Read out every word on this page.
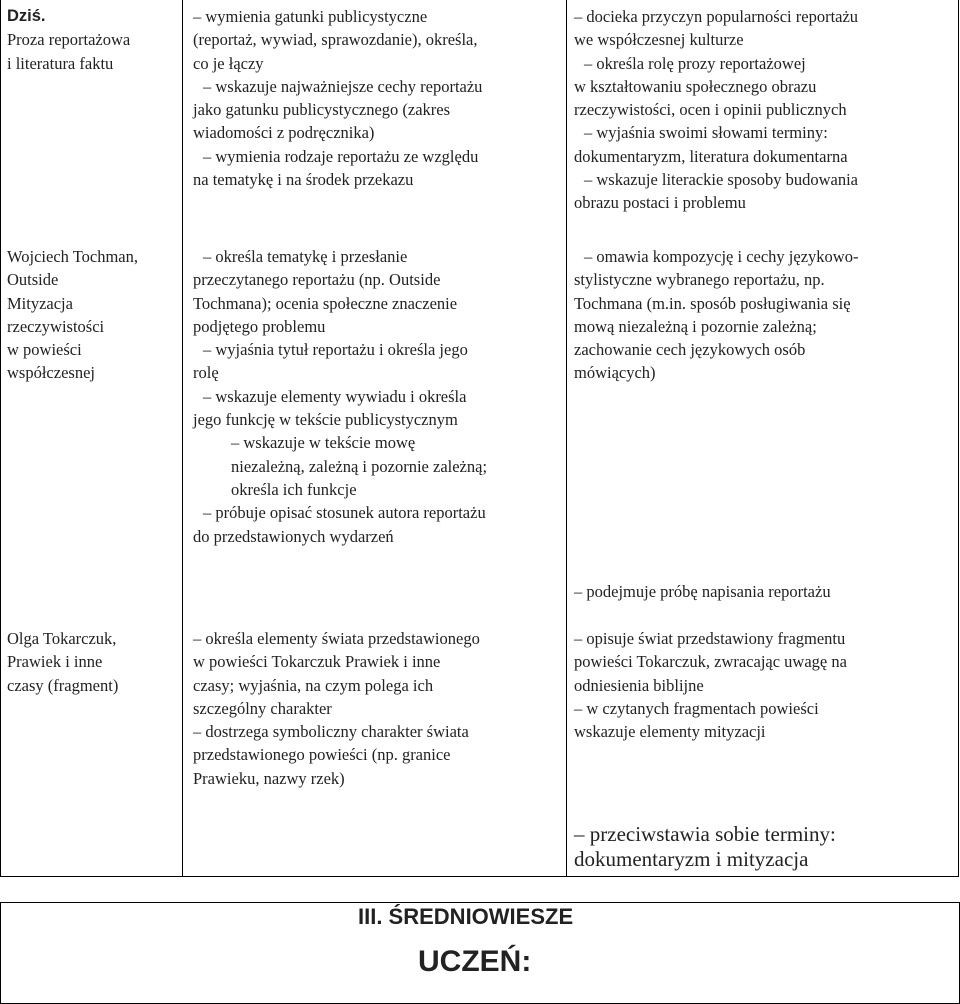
Dziś.

Proza reportażowa

i literatura faktu

– wymienia gatunki publicystyczne

(reportaż, wywiad, sprawozdanie), określa,

co je łączy

– wskazuje najważniejsze cechy reportażu

jako gatunku publicystycznego (zakres

wiadomości z podręcznika)

– wymienia rodzaje reportażu ze względu

na tematykę i na środek przekazu

– docieka przyczyn popularności reportażu

we współczesnej kulturze

– określa rolę prozy reportażowej

w kształtowaniu społecznego obrazu

rzeczywistości, ocen i opinii publicznych

– wyjaśnia swoimi słowami terminy:

dokumentaryzm, literatura dokumentarna

– wskazuje literackie sposoby budowania

obrazu postaci i problemu

Wojciech Tochman,

Outside

Mityzacja

rzeczywistości

w powieści

współczesnej

– określa tematykę i przesłanie

przeczytanego reportażu (np. Outside

Tochmana); ocenia społeczne znaczenie

podjętego problemu

– wyjaśnia tytuł reportażu i określa jego

rolę

– wskazuje elementy wywiadu i określa

jego funkcję w tekście publicystycznym

– wskazuje w tekście mowę

niezależną, zależną i pozornie zależną;

określa ich funkcje

– próbuje opisać stosunek autora reportażu

do przedstawionych wydarzeń

– omawia kompozycję i cechy językowo-

stylistyczne wybranego reportażu, np.

Tochmana (m.in. sposób posługiwania się

mową niezależną i pozornie zależną;

zachowanie cech językowych osób

mówiących)

– podejmuje próbę napisania reportażu

Olga Tokarczuk,

Prawiek i inne

czasy (fragment)

– określa elementy świata przedstawionego

w powieści Tokarczuk Prawiek i inne

czasy; wyjaśnia, na czym polega ich

szczególny charakter

– dostrzega symboliczny charakter świata

przedstawionego powieści (np. granice

Prawieku, nazwy rzek)

– opisuje świat przedstawiony fragmentu

powieści Tokarczuk, zwracając uwagę na

odniesienia biblijne

– w czytanych fragmentach powieści

wskazuje elementy mityzacji

– przeciwstawia sobie terminy:

dokumentaryzm i mityzacja

III. ŚREDNIOWIESZE
UCZEŃ:
